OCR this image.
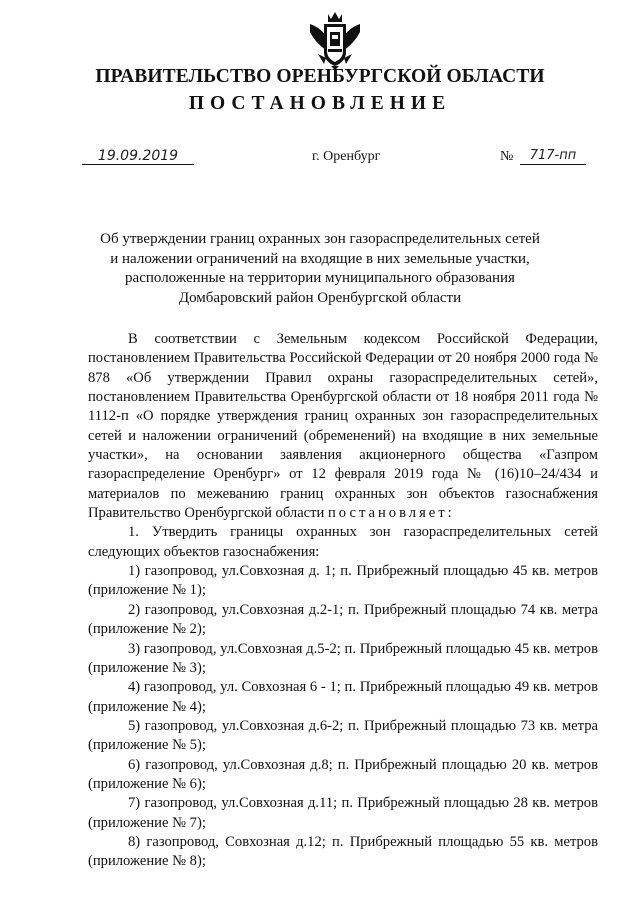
ПРАВИТЕЛЬСТВО ОРЕНБУРГСКОЙ ОБЛАСТИ
ПОСТАНОВЛЕНИЕ
19.09.2019	г. Оренбург	№	717-пп
Об утверждении границ охранных зон газораспределительных сетей и наложении ограничений на входящие в них земельные участки, расположенные на территории муниципального образования Домбаровский район Оренбургской области

В соответствии с Земельным кодексом Российской Федерации, постановлением Правительства Российской Федерации от 20 ноября 2000 года № 878 «Об утверждении Правил охраны газораспределительных сетей», постановлением Правительства Оренбургской области от 18 ноября 2011 года № 1112-п «О порядке утверждения границ охранных зон газораспределительных сетей и наложении ограничений (обременений) на входящие в них земельные участки», на основании заявления акционерного общества «Газпром газораспределение Оренбург» от 12 февраля 2019 года № (16)10–24/434 и материалов по межеванию границ охранных зон объектов газоснабжения Правительство Оренбургской области постановляет:

1. Утвердить границы охранных зон газораспределительных сетей следующих объектов газоснабжения:

1) газопровод, ул.Совхозная д. 1; п. Прибрежный площадью 45 кв. метров (приложение № 1);

2) газопровод, ул.Совхозная д.2-1; п. Прибрежный площадью 74 кв. метра (приложение № 2);

3) газопровод, ул.Совхозная д.5-2; п. Прибрежный площадью 45 кв. метров (приложение № 3);

4) газопровод, ул. Совхозная 6 - 1; п. Прибрежный площадью 49 кв. метров (приложение № 4);

5) газопровод, ул.Совхозная д.6-2; п. Прибрежный площадью 73 кв. метра (приложение № 5);

6) газопровод, ул.Совхозная д.8; п. Прибрежный площадью 20 кв. метров (приложение № 6);

7) газопровод, ул.Совхозная д.11; п. Прибрежный площадью 28 кв. метров (приложение № 7);

8) газопровод, Совхозная д.12; п. Прибрежный площадью 55 кв. метров (приложение № 8);
